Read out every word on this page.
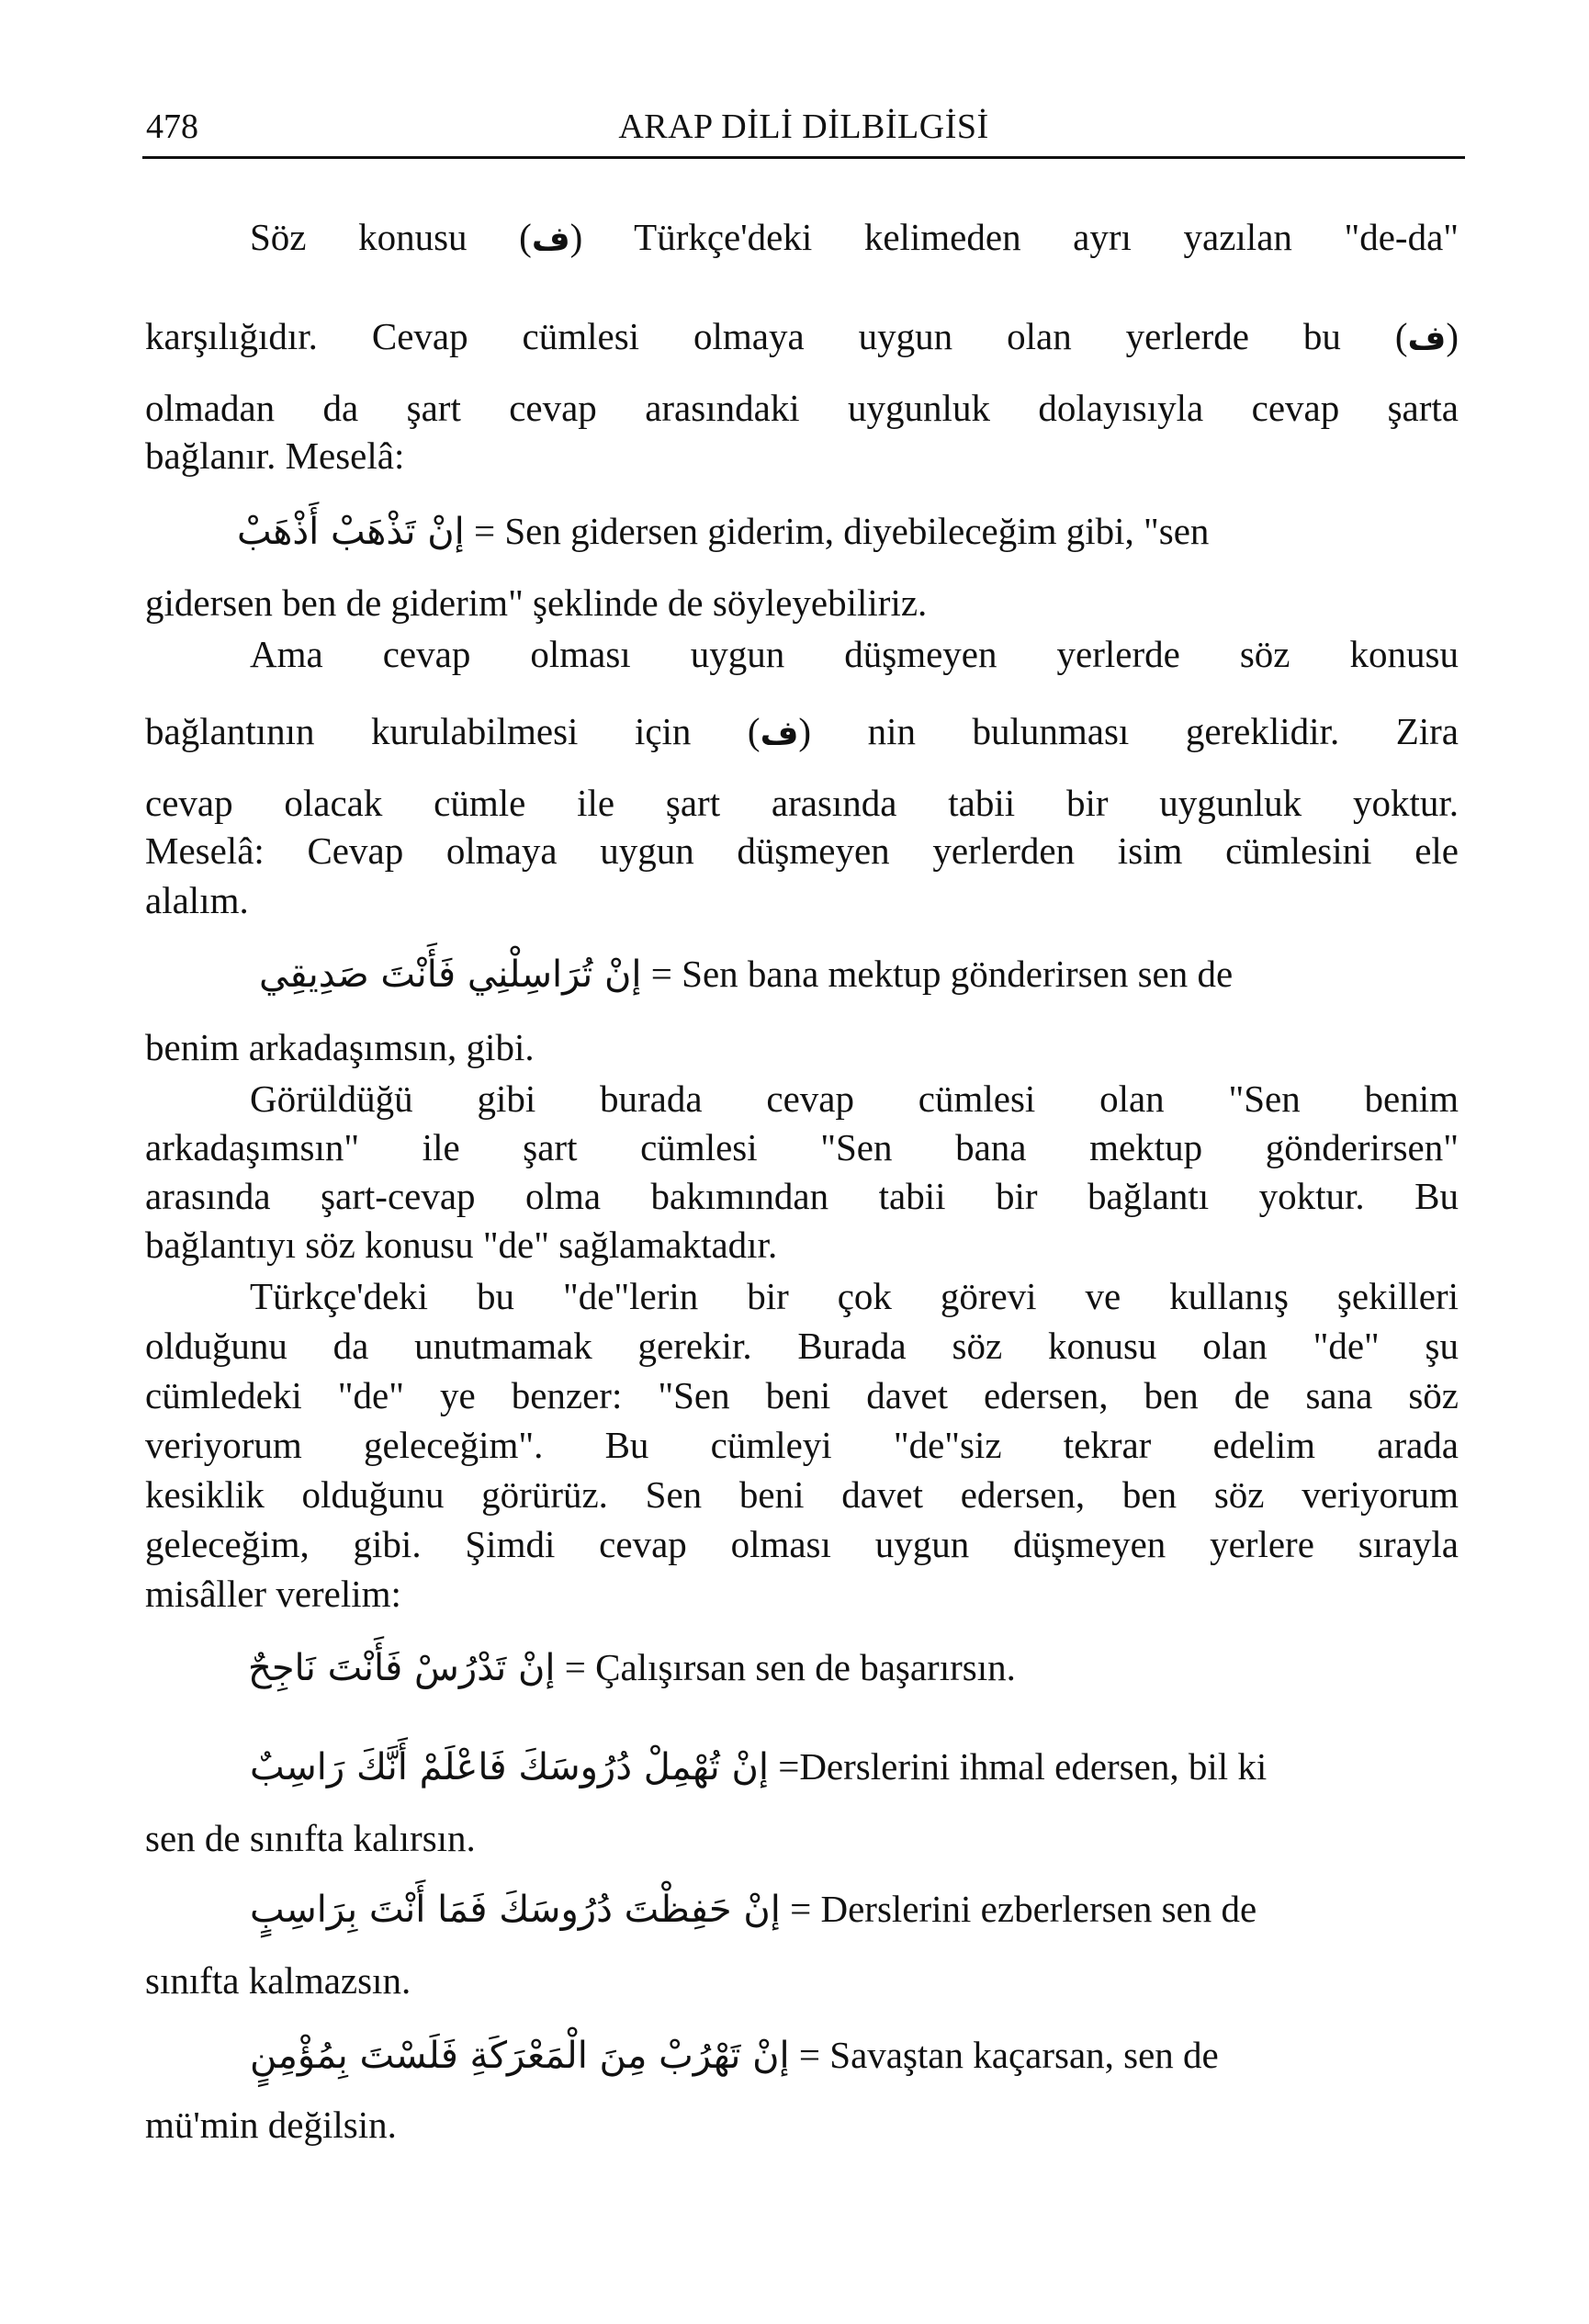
478	ARAP DİLİ DİLBİLGİSİ
Söz konusu (ف) Türkçe'deki kelimeden ayrı yazılan "de-da"
karşılığıdır. Cevap cümlesi olmaya uygun olan yerlerde bu (ف)
olmadan da şart cevap arasındaki uygunluk dolayısıyla cevap şarta
bağlanır. Meselâ:
إنْ تَذْهَبْ أَذْهَبْ = Sen gidersen giderim, diyebileceğim gibi, "sen
gidersen ben de giderim" şeklinde de söyleyebiliriz.
Ama cevap olması uygun düşmeyen yerlerde söz konusu
bağlantının kurulabilmesi için (ف) nin bulunması gereklidir. Zira
cevap olacak cümle ile şart arasında tabii bir uygunluk yoktur.
Meselâ: Cevap olmaya uygun düşmeyen yerlerden isim cümlesini ele
alalım.
إنْ تُرَاسِلْنِي فَأَنْتَ صَدِيقِي = Sen bana mektup gönderirsen sen de
benim arkadaşımsın, gibi.
Görüldüğü gibi burada cevap cümlesi olan "Sen benim
arkadaşımsın" ile şart cümlesi "Sen bana mektup gönderirsen"
arasında şart-cevap olma bakımından tabii bir bağlantı yoktur. Bu
bağlantıyı söz konusu "de" sağlamaktadır.
Türkçe'deki bu "de"lerin bir çok görevi ve kullanış şekilleri
olduğunu da unutmamak gerekir. Burada söz konusu olan "de" şu
cümledeki "de" ye benzer: "Sen beni davet edersen, ben de sana söz
veriyorum geleceğim". Bu cümleyi "de"siz tekrar edelim arada
kesiklik olduğunu görürüz. Sen beni davet edersen, ben söz veriyorum
geleceğim, gibi. Şimdi cevap olması uygun düşmeyen yerlere sırayla
misâller verelim:
إنْ تَدْرُسْ فَأَنْتَ نَاجِحٌ = Çalışırsan sen de başarırsın.
إنْ تُهْمِلْ دُرُوسَكَ فَاعْلَمْ أَنَّكَ رَاسِبٌ =Derslerini ihmal edersen, bil ki
sen de sınıfta kalırsın.
إنْ حَفِظْتَ دُرُوسَكَ فَمَا أَنْتَ بِرَاسِبٍ = Derslerini ezberlersen sen de
sınıfta kalmazsın.
إنْ تَهْرُبْ مِنَ الْمَعْرَكَةِ فَلَسْتَ بِمُؤْمِنٍ = Savaştan kaçarsan, sen de
mü'min değilsin.
